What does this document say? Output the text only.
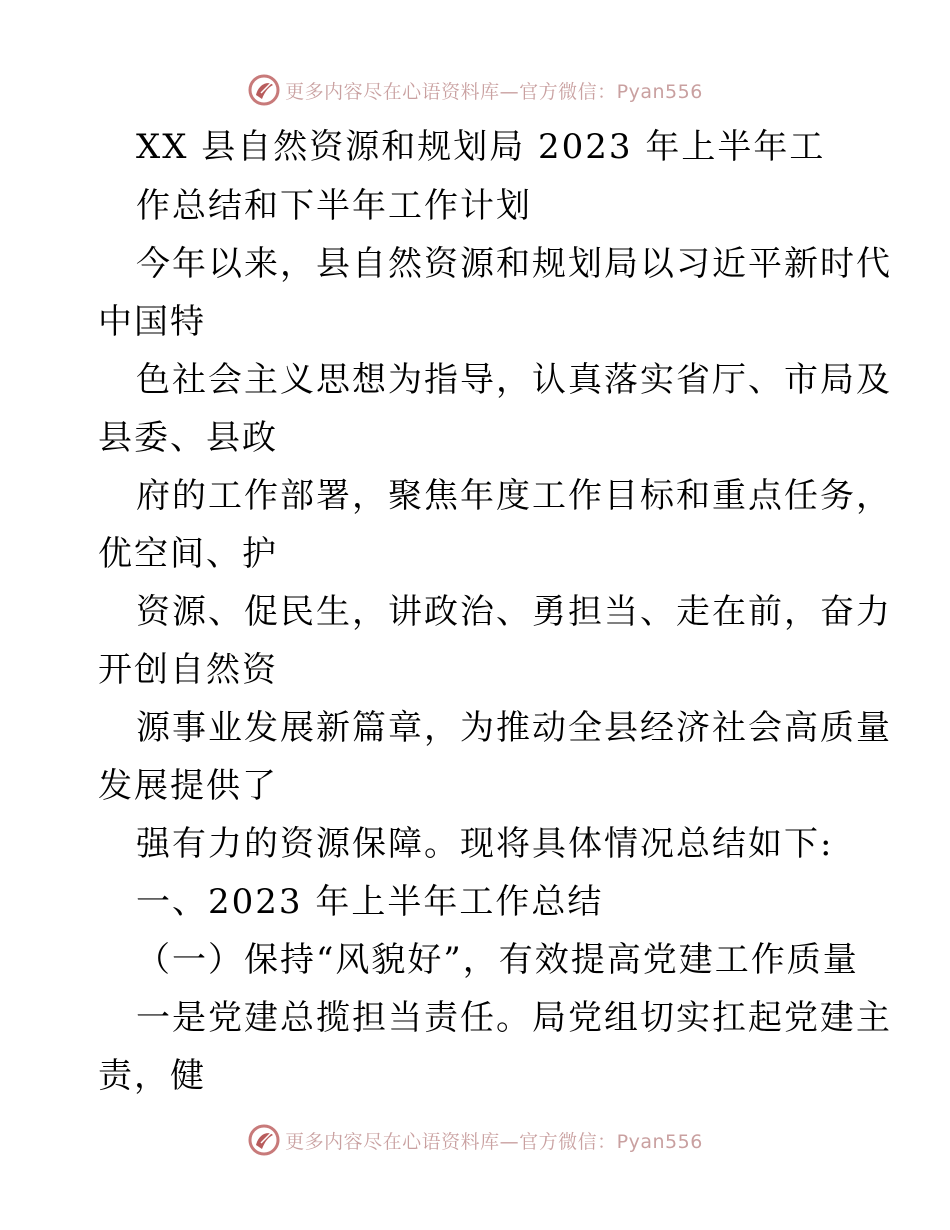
更多内容尽在心语资料库—官方微信：Pyan556
XX 县自然资源和规划局 2023 年上半年工
作总结和下半年工作计划
今年以来，县自然资源和规划局以习近平新时代
中国特
色社会主义思想为指导，认真落实省厅、市局及
县委、县政
府的工作部署，聚焦年度工作目标和重点任务，
优空间、护
资源、促民生，讲政治、勇担当、走在前，奋力
开创自然资
源事业发展新篇章，为推动全县经济社会高质量
发展提供了
强有力的资源保障。现将具体情况总结如下:
一、2023 年上半年工作总结
（一）保持“风貌好”，有效提高党建工作质量
一是党建总揽担当责任。局党组切实扛起党建主
责，健
更多内容尽在心语资料库—官方微信：Pyan556
